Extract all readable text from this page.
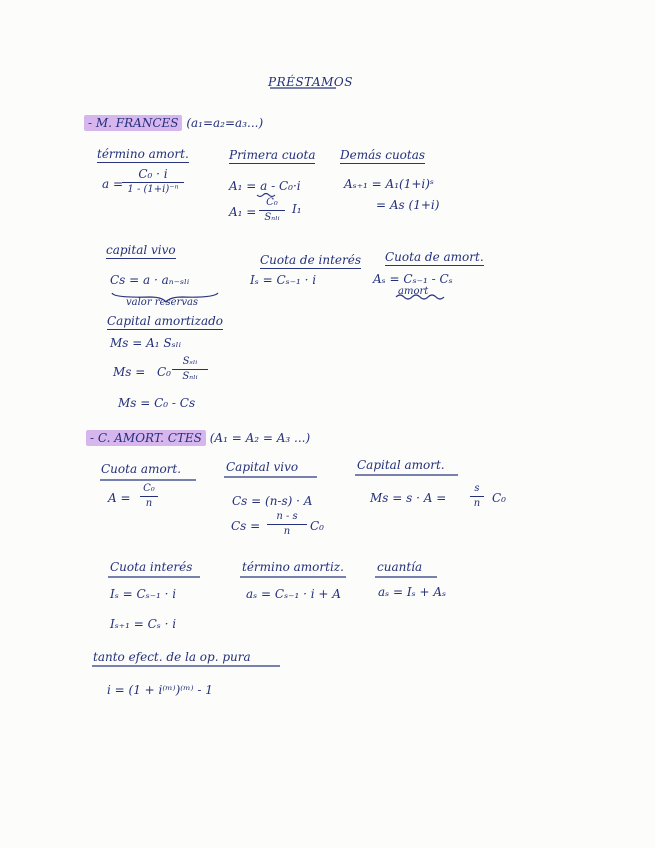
PRÉSTAMOS
- M. FRANCES (a₁=a₂=a₃...)
término amort.
a =
C₀ · i
1 - (1+i)⁻ⁿ
Primera cuota
A₁ = a - C₀·i
A₁ =
C₀
Sₙₗᵢ
I₁
Demás cuotas
Aₛ₊₁ = A₁(1+i)ˢ
= As (1+i)
capital vivo
Cs = a · aₙ₋ₛₗᵢ
valor reservas
Cuota de interés
Iₛ = Cₛ₋₁ · i
Cuota de amort.
Aₛ = Cₛ₋₁ - Cₛ
amort
Capital amortizado
Ms = A₁ Sₛₗᵢ
Ms = C₀
Sₛₗᵢ
Sₙₗᵢ
Ms = C₀ - Cs
- C. AMORT. CTES (A₁ = A₂ = A₃ ...)
Cuota amort.
A =
C₀
n
Capital vivo
Cs = (n-s) · A
Cs =
n - s
n C₀
Capital amort.
Ms = s · A =
s
n C₀
Cuota interés
Iₛ = Cₛ₋₁ · i
Iₛ₊₁ = Cₛ · i
término amortiz.
aₛ = Cₛ₋₁ · i + A
cuantía
aₛ = Iₛ + Aₛ
tanto efect. de la op. pura
i = (1 + i⁽ᵐ⁾)⁽ᵐ⁾ - 1
